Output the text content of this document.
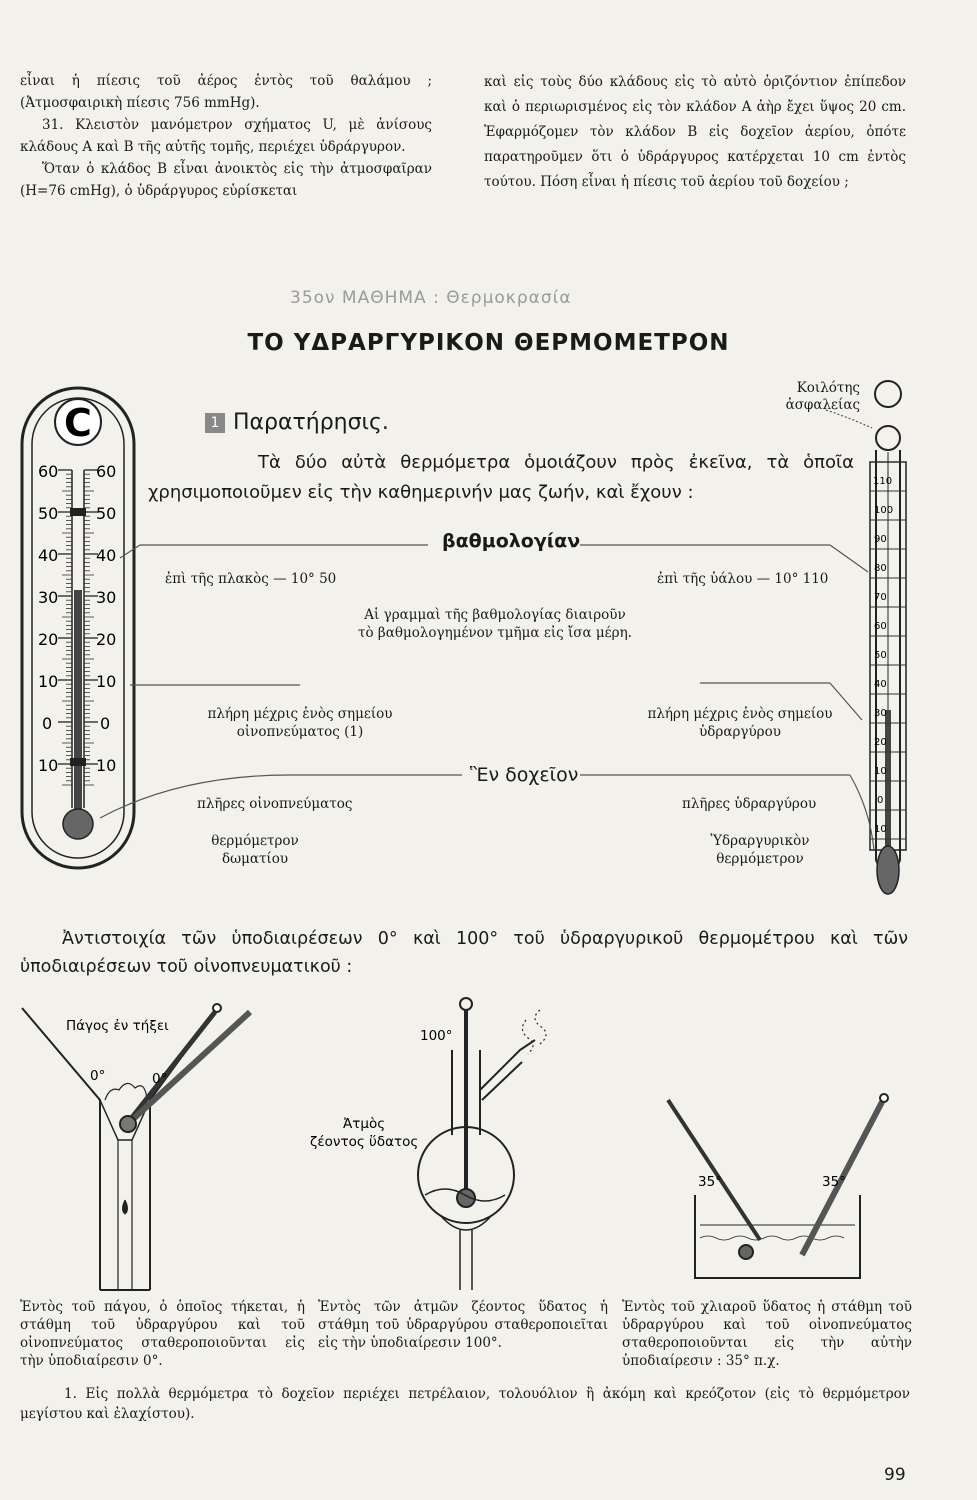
εἶναι ἡ πίεσις τοῦ ἀέρος ἐντὸς τοῦ θαλάμου ; (Ἀτμοσφαιρικὴ πίεσις 756 mmHg).

31. Κλειστὸν μανόμετρον σχήματος U, μὲ ἀνίσους κλάδους A καὶ B τῆς αὐτῆς τομῆς, περιέχει ὑδράργυρον.

Ὅταν ὁ κλάδος B εἶναι ἀνοικτὸς εἰς τὴν ἀτμοσφαῖραν (H=76 cmHg), ὁ ὑδράργυρος εὑρίσκεται

καὶ εἰς τοὺς δύο κλάδους εἰς τὸ αὐτὸ ὁριζόντιον ἐπίπεδον καὶ ὁ περιωρισμένος εἰς τὸν κλάδον A ἀὴρ ἔχει ὕψος 20 cm. Ἐφαρμόζομεν τὸν κλάδον B εἰς δοχεῖον ἀερίου, ὁπότε παρατηροῦμεν ὅτι ὁ ὑδράργυρος κατέρχεται 10 cm ἐντὸς τούτου. Πόση εἶναι ἡ πίεσις τοῦ ἀερίου τοῦ δοχείου ;

35ον ΜΑΘΗΜΑ : Θερμοκρασία
ΤΟ ΥΔΡΑΡΓΥΡΙΚΟΝ ΘΕΡΜΟΜΕΤΡΟΝ
C
60 60
50 50
40 40
30 30
20 20
10 10
0	0
10 10
110
100
90
80
70
60
50
40
30
20
10
0
10
Κοιλότης
ἀσφαλείας
1 Παρατήρησις.
Τὰ δύο αὐτὰ θερμόμετρα ὁμοιάζουν πρὸς ἐκεῖνα, τὰ ὁποῖα χρησιμοποιοῦμεν εἰς τὴν καθημερινήν μας ζωήν, καὶ ἔχουν :
βαθμολογίαν
ἐπὶ τῆς πλακὸς — 10° 50	ἐπὶ τῆς ὑάλου — 10° 110
Αἱ γραμμαὶ τῆς βαθμολογίας διαιροῦν
τὸ βαθμολογημένον τμῆμα εἰς ἴσα μέρη.
πλήρη μέχρις ἑνὸς σημείου
οἰνοπνεύματος (1)
πλήρη μέχρις ἑνὸς σημείου
ὑδραργύρου
Ἓν δοχεῖον
πλῆρες οἰνοπνεύματος	πλῆρες ὑδραργύρου
θερμόμετρον
δωματίου
Ὑδραργυρικὸν
θερμόμετρον
Ἀντιστοιχία τῶν ὑποδιαιρέσεων 0° καὶ 100° τοῦ ὑδραργυρικοῦ θερμομέτρου καὶ τῶν ὑποδιαιρέσεων τοῦ οἰνοπνευματικοῦ :
Πάγος ἐν τήξει
0°	0°
100°
Ἀτμὸς
ζέοντος ὕδατος
35°	35°
Ἐντὸς τοῦ πάγου, ὁ ὁποῖος τήκεται, ἡ στάθμη τοῦ ὑδραργύρου καὶ τοῦ οἰνοπνεύματος σταθεροποιοῦνται εἰς τὴν ὑποδιαίρεσιν 0°.
Ἐντὸς τῶν ἀτμῶν ζέοντος ὕδατος ἡ στάθμη τοῦ ὑδραργύρου σταθεροποιεῖται εἰς τὴν ὑποδιαίρεσιν 100°.
Ἐντὸς τοῦ χλιαροῦ ὕδατος ἡ στάθμη τοῦ ὑδραργύρου καὶ τοῦ οἰνοπνεύματος σταθεροποιοῦνται εἰς τὴν αὐτὴν ὑποδιαίρεσιν : 35° π.χ.
1. Εἰς πολλὰ θερμόμετρα τὸ δοχεῖον περιέχει πετρέλαιον, τολουόλιον ἢ ἀκόμη καὶ κρεόζοτον (εἰς τὸ θερμόμετρον μεγίστου καὶ ἐλαχίστου).
99
